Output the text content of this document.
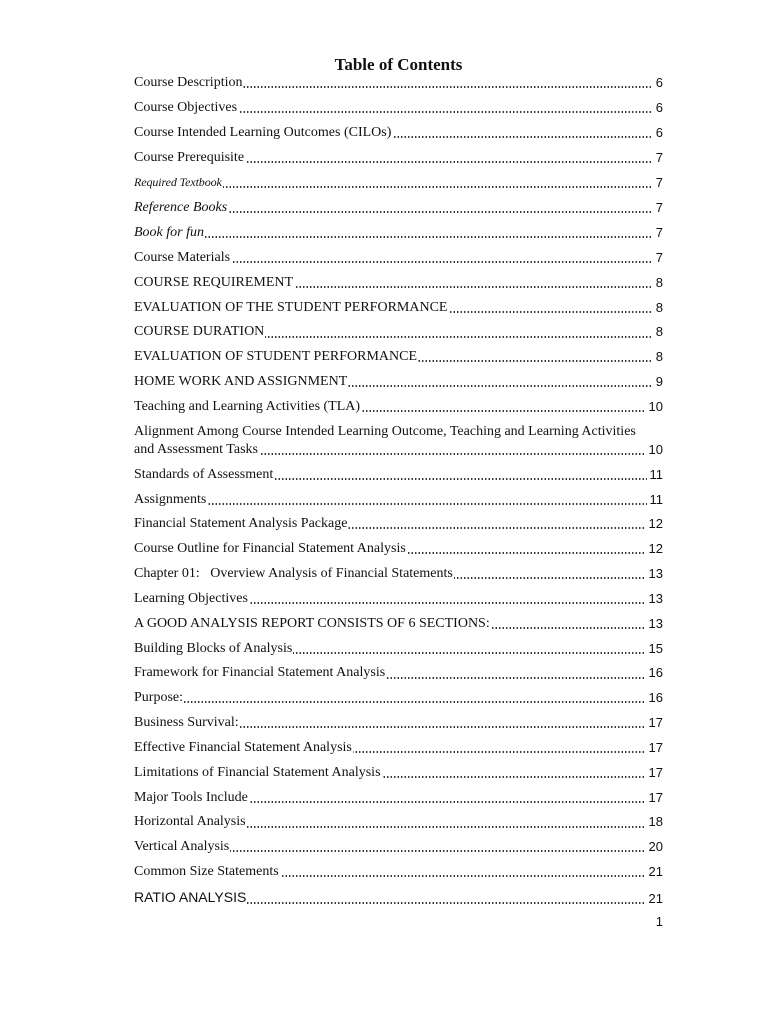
Table of Contents
Course Description	6
Course Objectives	6
Course Intended Learning Outcomes (CILOs)	6
Course Prerequisite	7
Required Textbook	7
Reference Books	7
Book for fun	7
Course Materials	7
COURSE REQUIREMENT	8
EVALUATION OF THE STUDENT PERFORMANCE	8
COURSE DURATION	8
EVALUATION OF STUDENT PERFORMANCE	8
HOME WORK AND ASSIGNMENT	9
Teaching and Learning Activities (TLA)	10
Alignment Among Course Intended Learning Outcome, Teaching and Learning Activities and Assessment Tasks	10
Standards of Assessment	11
Assignments	11
Financial Statement Analysis Package	12
Course Outline for Financial Statement Analysis	12
Chapter 01:   Overview Analysis of Financial Statements	13
Learning Objectives	13
A GOOD ANALYSIS REPORT CONSISTS OF 6 SECTIONS:	13
Building Blocks of Analysis	15
Framework for Financial Statement Analysis	16
Purpose:	16
Business Survival:	17
Effective Financial Statement Analysis	17
Limitations of Financial Statement Analysis	17
Major Tools Include	17
Horizontal Analysis	18
Vertical Analysis	20
Common Size Statements	21
RATIO ANALYSIS	21
1
